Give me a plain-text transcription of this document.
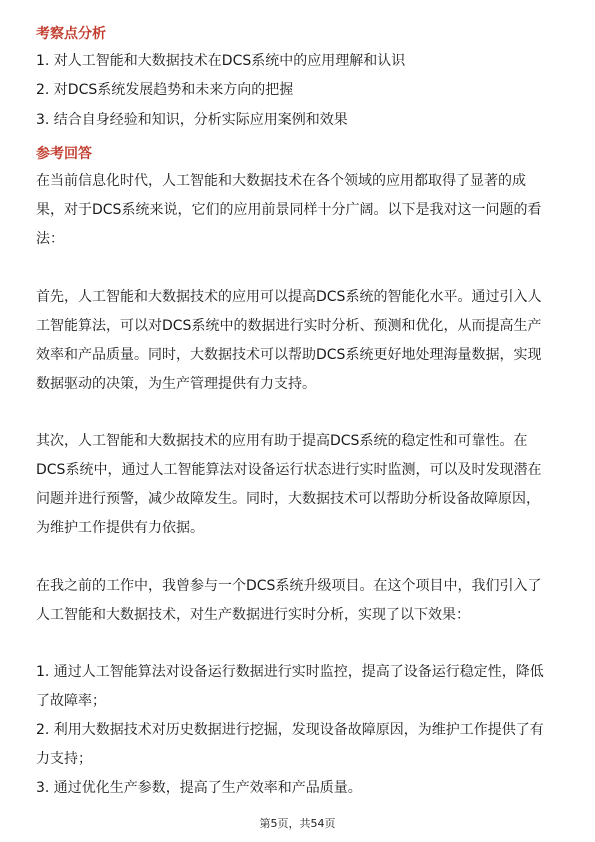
考察点分析
1. 对人工智能和大数据技术在DCS系统中的应用理解和认识
2. 对DCS系统发展趋势和未来方向的把握
3. 结合自身经验和知识，分析实际应用案例和效果
参考回答
在当前信息化时代，人工智能和大数据技术在各个领域的应用都取得了显著的成
果，对于DCS系统来说，它们的应用前景同样十分广阔。以下是我对这一问题的看
法：
首先，人工智能和大数据技术的应用可以提高DCS系统的智能化水平。通过引入人
工智能算法，可以对DCS系统中的数据进行实时分析、预测和优化，从而提高生产
效率和产品质量。同时，大数据技术可以帮助DCS系统更好地处理海量数据，实现
数据驱动的决策，为生产管理提供有力支持。
其次，人工智能和大数据技术的应用有助于提高DCS系统的稳定性和可靠性。在
DCS系统中，通过人工智能算法对设备运行状态进行实时监测，可以及时发现潜在
问题并进行预警，减少故障发生。同时，大数据技术可以帮助分析设备故障原因，
为维护工作提供有力依据。
在我之前的工作中，我曾参与一个DCS系统升级项目。在这个项目中，我们引入了
人工智能和大数据技术，对生产数据进行实时分析，实现了以下效果：
1. 通过人工智能算法对设备运行数据进行实时监控，提高了设备运行稳定性，降低
了故障率；
2. 利用大数据技术对历史数据进行挖掘，发现设备故障原因，为维护工作提供了有
力支持；
3. 通过优化生产参数，提高了生产效率和产品质量。
第5页，共54页
